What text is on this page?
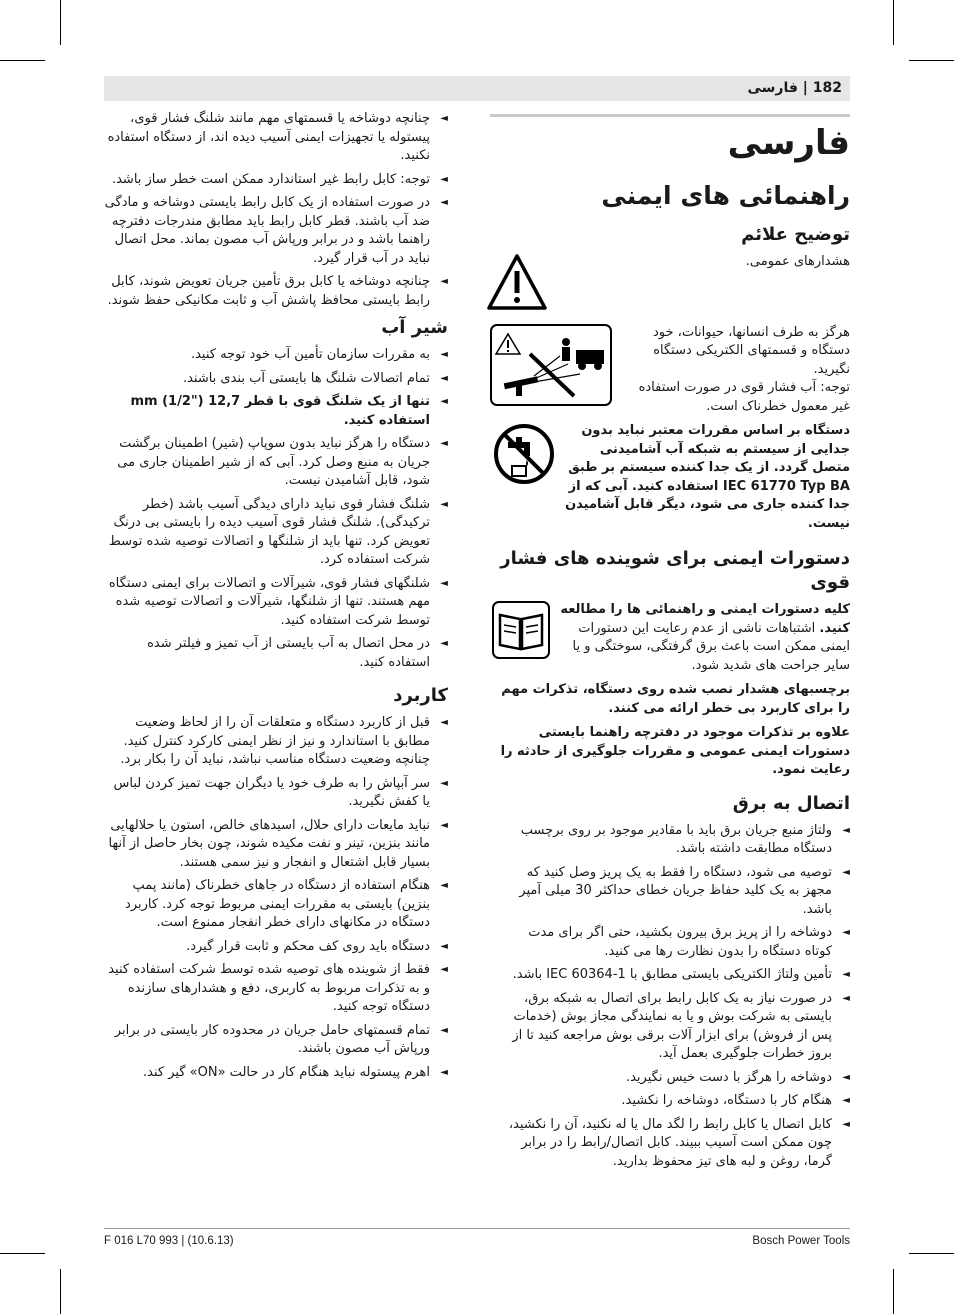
182 | فارسی
فارسی
راهنمائی های ایمنی
توضیح علائم
هشدارهای عمومی.
هرگز به طرف انسانها، حیوانات، خود دستگاه و قسمتهای الکتریکی دستگاه نگیرید.
توجه: آب فشار قوی در صورت استفاده غیر معمول خطرناک است.
دستگاه بر اساس مقررات معتبر نباید بدون جدایی از سیستم به شبکه آب آشامیدنی متصل گردد. از یک جدا کننده سیستم بر طبق IEC 61770 Typ BA استفاده کنید. آبی که از جدا کننده جاری می شود، دیگر قابل آشامیدن نیست.
دستورات ایمنی برای شوینده های فشار قوی
کلیه دستورات ایمنی و راهنمائی ها را مطالعه کنید. اشتباهات ناشی از عدم رعایت این دستورات ایمنی ممکن است باعث برق گرفتگی، سوختگی و یا سایر جراحت های شدید شود.
برچسبهای هشدار نصب شده روی دستگاه، تذکرات مهم را برای کاربرد بی خطر ارائه می کنند.
علاوه بر تذکرات موجود در دفترچه راهنما بایستی دستورات ایمنی عمومی و مقررات جلوگیری از حادثه را رعایت نمود.
اتصال به برق
◄
ولتاژ منبع جریان برق باید با مقادیر موجود بر روی برچسب دستگاه مطابقت داشته باشد.
◄
توصیه می شود، دستگاه را فقط به یک پریز وصل کنید که مجهز به یک کلید حفاظ جریان خطای حداکثر 30 میلی آمپر باشد.
◄
دوشاخه را از پریز برق بیرون بکشید، حتی اگر برای مدت کوتاه دستگاه را بدون نظارت رها می کنید.
◄
تأمین ولتاژ الکتریکی بایستی مطابق با IEC 60364-1 باشد.
◄
در صورت نیاز به یک کابل رابط برای اتصال به شبکه برق، بایستی به شرکت بوش و یا به نمایندگی مجاز بوش (خدمات پس از فروش) برای ابزار آلات برقی بوش مراجعه کنید تا از بروز خطرات جلوگیری بعمل آید.
◄
دوشاخه را هرگز با دست خیس نگیرید.
◄
هنگام کار با دستگاه، دوشاخه را نکشید.
◄
کابل اتصال یا کابل رابط را لگد مال یا له نکنید، آن را نکشید، چون ممکن است آسیب ببیند. کابل اتصال/رابط را در برابر گرما، روغن و لبه های تیز محفوظ بدارید.
◄
چنانچه دوشاخه یا قسمتهای مهم مانند شلنگ فشار قوی، پیستوله یا تجهیزات ایمنی آسیب دیده اند، از دستگاه استفاده نکنید.
◄
توجه: کابل رابط غیر استاندارد ممکن است خطر ساز باشد.
◄
در صورت استفاده از یک کابل رابط بایستی دوشاخه و مادگی ضد آب باشند. قطر کابل رابط باید مطابق مندرجات دفترچه راهنما باشد و در برابر ورپاش آب مصون بماند. محل اتصال نباید در آب قرار گیرد.
◄
چنانچه دوشاخه یا کابل برق تأمین جریان تعویض شوند، کابل رابط بایستی محافظ پاشش آب و ثابت مکانیکی حفظ شوند.
شیر آب
◄
به مقررات سازمان تأمین آب خود توجه کنید.
◄
تمام اتصالات شلنگ ها بایستی آب بندی باشند.
◄
تنها از یک شلنگ قوی با قطر 12,7 mm (1/2") استفاده کنید.
◄
دستگاه را هرگز نباید بدون سوپاپ (شیر) اطمینان برگشت جریان به منبع وصل کرد. آبی که از شیر اطمینان جاری می شود، قابل آشامیدن نیست.
◄
شلنگ فشار قوی نباید دارای دیدگی آسیب باشد (خطر ترکیدگی). شلنگ فشار قوی آسیب دیده را بایستی بی درنگ تعویض کرد. تنها باید از شلنگها و اتصالات توصیه شده توسط شرکت استفاده کرد.
◄
شلنگهای فشار قوی، شیرآلات و اتصالات برای ایمنی دستگاه مهم هستند. تنها از شلنگها، شیرآلات و اتصالات توصیه شده توسط شرکت استفاده کنید.
◄
در محل اتصال به آب بایستی از آب تمیز و فیلتر شده استفاده کنید.
کاربرد
◄
قبل از کاربرد دستگاه و متعلقات آن را از لحاظ وضعیت مطابق با استاندارد و نیز از نظر ایمنی کارکرد کنترل کنید. چنانچه وضعیت دستگاه مناسب نباشد، نباید آن را بکار برد.
◄
سر آبپاش را به طرف خود یا دیگران جهت تمیز کردن لباس یا کفش نگیرید.
◄
نباید مایعات دارای حلال، اسیدهای خالص، استون یا حلالهایی مانند بنزین، تینر و نفت مکیده شوند، چون بخار حاصل از آنها بسیار قابل اشتعال و انفجار و نیز سمی هستند.
◄
هنگام استفاده از دستگاه در جاهای خطرناک (مانند پمپ بنزین) بایستی به مقررات ایمنی مربوط توجه کرد. کاربرد دستگاه در مکانهای دارای خطر انفجار ممنوع است.
◄
دستگاه باید روی کف محکم و ثابت قرار گیرد.
◄
فقط از شوینده های توصیه شده توسط شرکت استفاده کنید و به تذکرات مربوط به کاربری، دفع و هشدارهای سازنده دستگاه توجه کنید.
◄
تمام قسمتهای حامل جریان در محدوده کار بایستی در برابر ورپاش آب مصون باشند.
◄
اهرم پیستوله نباید هنگام کار در حالت «ON» گیر کند.
F 016 L70 993 | (10.6.13)	Bosch Power Tools
